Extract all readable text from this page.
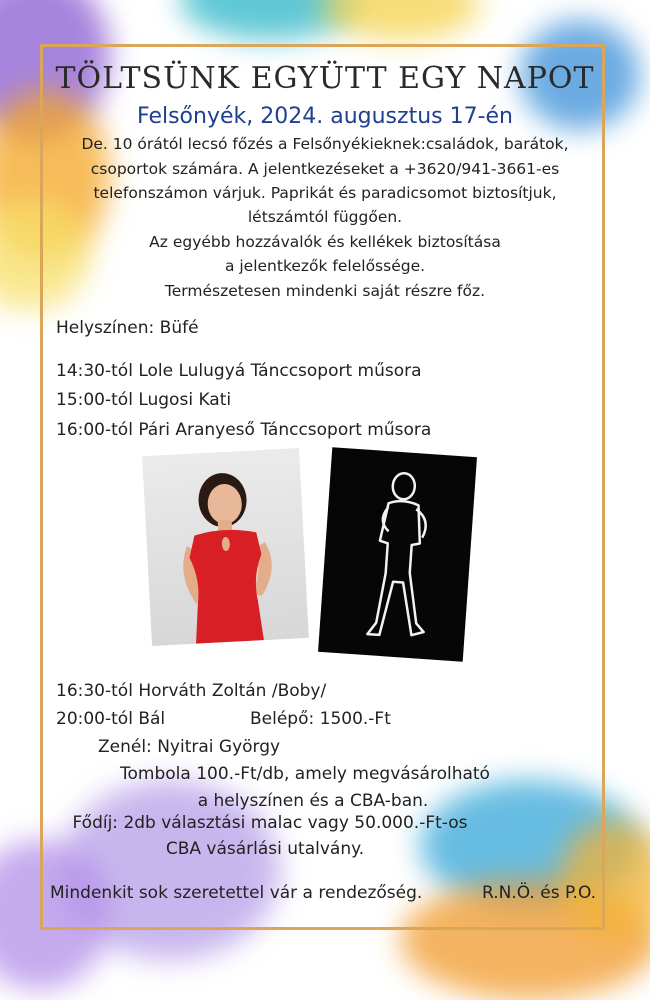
TÖLTSÜNK EGYÜTT EGY NAPOT
Felsőnyék, 2024. augusztus 17-én
De. 10 órától lecsó főzés a Felsőnyékieknek:családok, barátok,
csoportok számára. A jelentkezéseket a +3620/941-3661-es
telefonszámon várjuk. Paprikát és paradicsomot biztosítjuk,
létszámtól függően.
Az egyébb hozzávalók és kellékek biztosítása
a jelentkezők felelőssége.
Természetesen mindenki saját részre főz.
Helyszínen: Büfé
14:30-tól Lole Lulugyá Tánccsoport műsora
15:00-tól Lugosi Kati
16:00-tól Pári Aranyeső Tánccsoport műsora
16:30-tól Horváth Zoltán /Boby/
20:00-tól Bál	Belépő: 1500.-Ft
Zenél: Nyitrai György
Tombola 100.-Ft/db, amely megvásárolható
a helyszínen és a CBA-ban.
Fődíj: 2db választási malac vagy 50.000.-Ft-os
CBA vásárlási utalvány.
Mindenkit sok szeretettel vár a rendezőség.	R.N.Ö. és P.O.
